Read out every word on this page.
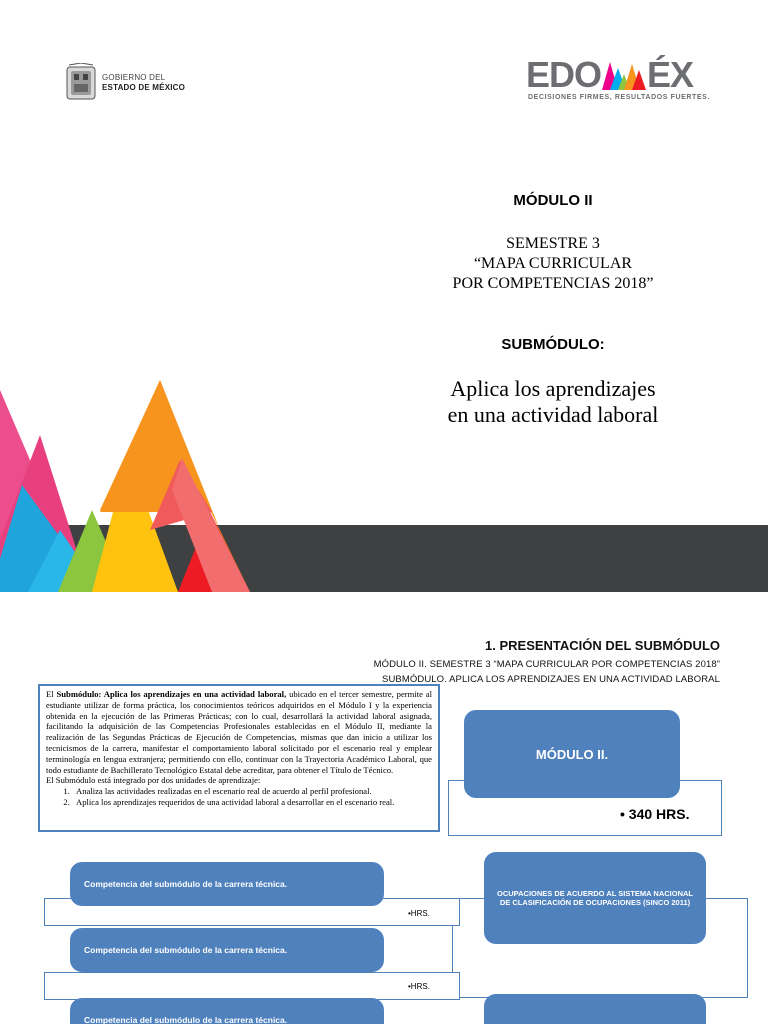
GOBIERNO DEL
ESTADO DE MÉXICO	EDO ÉX
DECISIONES FIRMES, RESULTADOS FUERTES.
MÓDULO II
SEMESTRE 3
“MAPA CURRICULAR
POR COMPETENCIAS 2018”
SUBMÓDULO:
Aplica los aprendizajes
en una actividad laboral
1. PRESENTACIÓN DEL SUBMÓDULO
MÓDULO II. SEMESTRE 3 “MAPA CURRICULAR POR COMPETENCIAS 2018”
SUBMÓDULO. APLICA LOS APRENDIZAJES EN UNA ACTIVIDAD LABORAL

El Submódulo: Aplica los aprendizajes en una actividad laboral, ubicado en el tercer semestre, permite al estudiante utilizar de forma práctica, los conocimientos teóricos adquiridos en el Módulo I y la experiencia obtenida en la ejecución de las Primeras Prácticas; con lo cual, desarrollará la actividad laboral asignada, facilitando la adquisición de las Competencias Profesionales establecidas en el Módulo II, mediante la realización de las Segundas Prácticas de Ejecución de Competencias, mismas que dan inicio a utilizar los tecnicismos de la carrera, manifestar el comportamiento laboral solicitado por el escenario real y emplear terminología en lengua extranjera; permitiendo con ello, continuar con la Trayectoria Académico Laboral, que todo estudiante de Bachillerato Tecnológico Estatal debe acreditar, para obtener el Título de Técnico.

El Submódulo está integrado por dos unidades de aprendizaje:

1. Analiza las actividades realizadas en el escenario real de acuerdo al perfil profesional.
2. Aplica los aprendizajes requeridos de una actividad laboral a desarrollar en el escenario real.
MÓDULO II.
• 340 HRS.
OCUPACIONES DE ACUERDO AL SISTEMA NACIONAL DE CLASIFICACIÓN DE OCUPACIONES (SINCO 2011)
Competencia del submódulo de la carrera técnica.
•HRS.
Competencia del submódulo de la carrera técnica.
•HRS.
Competencia del submódulo de la carrera técnica.
